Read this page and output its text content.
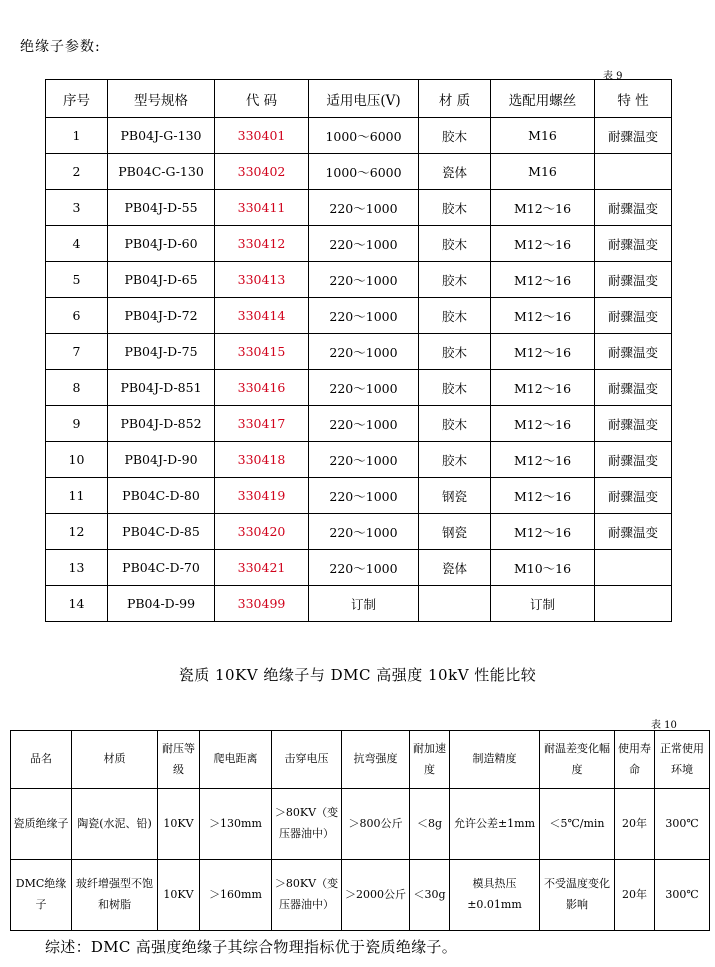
绝缘子参数:
表 9
序号	型号规格	代 码	适用电压(V)	材 质	选配用螺丝	特 性
1	PB04J-G-130	330401	1000～6000	胶木	M16	耐骤温变
2	PB04C-G-130	330402	1000～6000	瓷体	M16	
3	PB04J-D-55	330411	220～1000	胶木	M12～16	耐骤温变
4	PB04J-D-60	330412	220～1000	胶木	M12～16	耐骤温变
5	PB04J-D-65	330413	220～1000	胶木	M12～16	耐骤温变
6	PB04J-D-72	330414	220～1000	胶木	M12～16	耐骤温变
7	PB04J-D-75	330415	220～1000	胶木	M12～16	耐骤温变
8	PB04J-D-851	330416	220～1000	胶木	M12～16	耐骤温变
9	PB04J-D-852	330417	220～1000	胶木	M12～16	耐骤温变
10	PB04J-D-90	330418	220～1000	胶木	M12～16	耐骤温变
11	PB04C-D-80	330419	220～1000	钢瓷	M12～16	耐骤温变
12	PB04C-D-85	330420	220～1000	钢瓷	M12～16	耐骤温变
13	PB04C-D-70	330421	220～1000	瓷体	M10～16	
14	PB04-D-99	330499	订制		订制	
瓷质 10KV 绝缘子与 DMC 高强度 10kV 性能比较
表 10
品名	材质	耐压等级	爬电距离	击穿电压	抗弯强度	耐加速度	制造精度	耐温差变化幅度	使用寿命	正常使用环境
瓷质绝缘子	陶瓷(水泥、铅)	10KV	＞130mm	＞80KV（变压器油中）	＞800公斤	＜8g	允许公差±1mm	＜5℃/min	20年	300℃
DMC绝缘子	玻纤增强型不饱和树脂	10KV	＞160mm	＞80KV（变压器油中）	＞2000公斤	＜30g	模具热压±0.01mm	不受温度变化影响	20年	300℃
综述：DMC 高强度绝缘子其综合物理指标优于瓷质绝缘子。
